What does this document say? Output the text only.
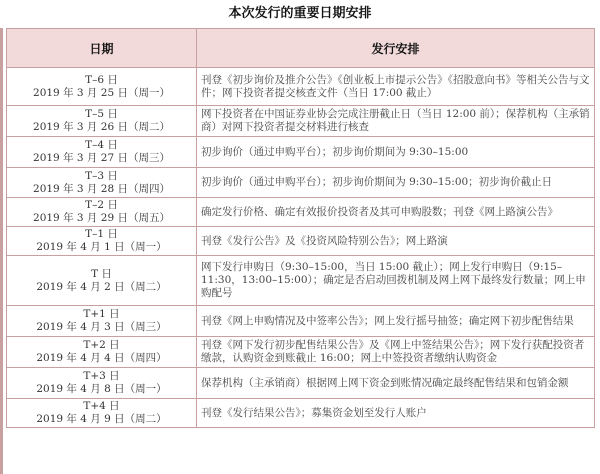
本次发行的重要日期安排
日期	发行安排

T–6 日
2019 年 3 月 25 日（周一）	刊登《初步询价及推介公告》《创业板上市提示公告》《招股意向书》等相关公告与文件；网下投资者提交核查文件（当日 17:00 截止）

T–5 日
2019 年 3 月 26 日（周二）	网下投资者在中国证券业协会完成注册截止日（当日 12:00 前）；保荐机构（主承销商）对网下投资者提交材料进行核查

T–4 日
2019 年 3 月 27 日（周三）	初步询价（通过申购平台）；初步询价期间为 9:30–15:00

T–3 日
2019 年 3 月 28 日（周四）	初步询价（通过申购平台）；初步询价期间为 9:30–15:00；初步询价截止日

T–2 日
2019 年 3 月 29 日（周五）	确定发行价格、确定有效报价投资者及其可申购股数；刊登《网上路演公告》

T–1 日
2019 年 4 月 1 日（周一）	刊登《发行公告》及《投资风险特别公告》；网上路演

T 日
2019 年 4 月 2 日（周二）	网下发行申购日（9:30–15:00，当日 15:00 截止）；网上发行申购日（9:15–11:30，13:00–15:00）；确定是否启动回拨机制及网上网下最终发行数量；网上申购配号

T+1 日
2019 年 4 月 3 日（周三）	刊登《网上申购情况及中签率公告》；网上发行摇号抽签；确定网下初步配售结果

T+2 日
2019 年 4 月 4 日（周四）	刊登《网下发行初步配售结果公告》及《网上中签结果公告》；网下发行获配投资者缴款，认购资金到账截止 16:00；网上中签投资者缴纳认购资金

T+3 日
2019 年 4 月 8 日（周一）	保荐机构（主承销商）根据网上网下资金到账情况确定最终配售结果和包销金额

T+4 日
2019 年 4 月 9 日（周二）	刊登《发行结果公告》；募集资金划至发行人账户
